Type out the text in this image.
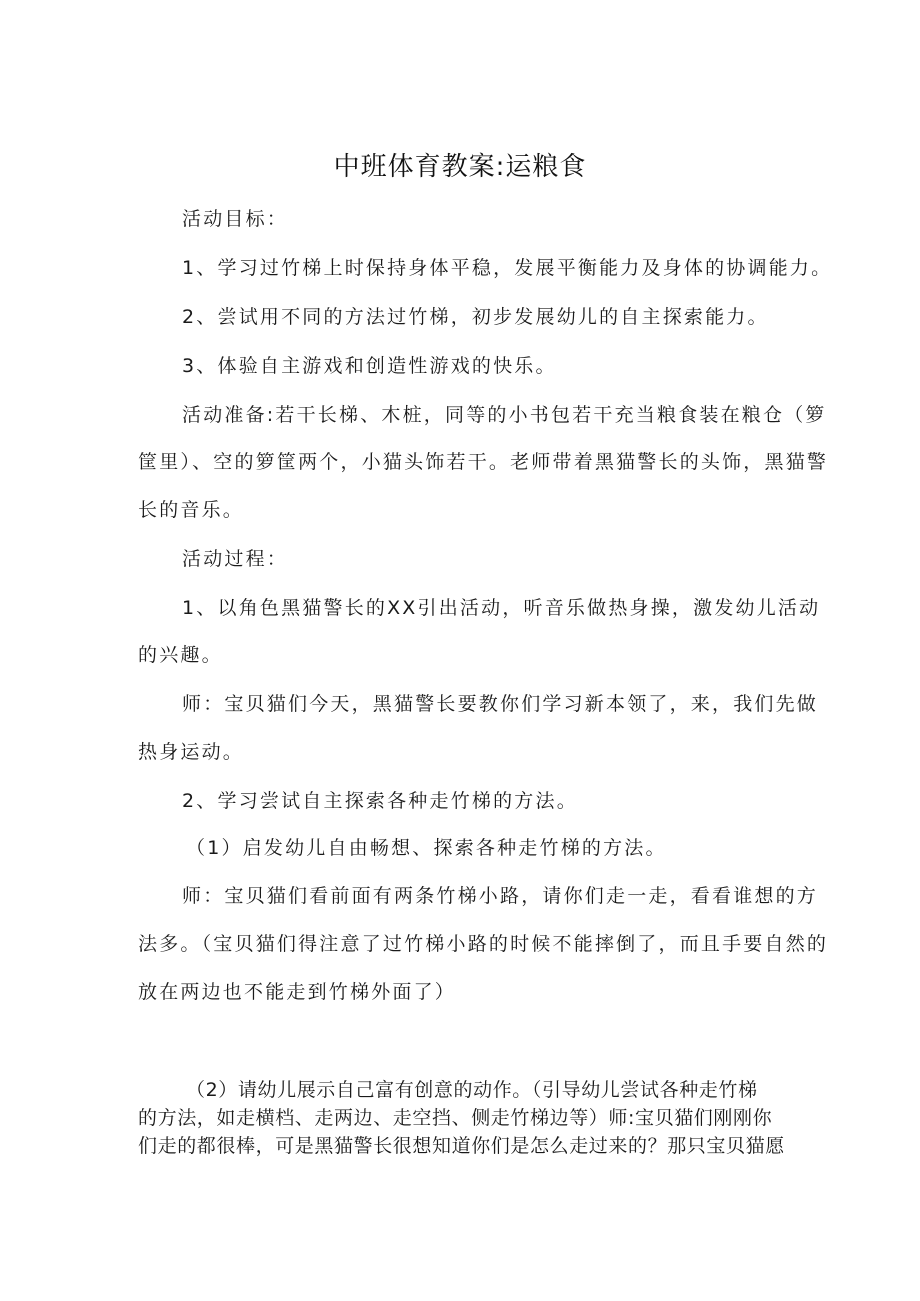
中班体育教案:运粮食
活动目标：
1、学习过竹梯上时保持身体平稳，发展平衡能力及身体的协调能力。
2、尝试用不同的方法过竹梯，初步发展幼儿的自主探索能力。
3、体验自主游戏和创造性游戏的快乐。
活动准备:若干长梯、木桩，同等的小书包若干充当粮食装在粮仓（箩
筐里）、空的箩筐两个，小猫头饰若干。老师带着黑猫警长的头饰，黑猫警
长的音乐。
活动过程：
1、以角色黑猫警长的XX引出活动，听音乐做热身操，激发幼儿活动
的兴趣。
师：宝贝猫们今天，黑猫警长要教你们学习新本领了，来，我们先做
热身运动。
2、学习尝试自主探索各种走竹梯的方法。
（1）启发幼儿自由畅想、探索各种走竹梯的方法。
师：宝贝猫们看前面有两条竹梯小路，请你们走一走，看看谁想的方
法多。（宝贝猫们得注意了过竹梯小路的时候不能摔倒了，而且手要自然的
放在两边也不能走到竹梯外面了）
（2）请幼儿展示自己富有创意的动作。（引导幼儿尝试各种走竹梯
的方法，如走横档、走两边、走空挡、侧走竹梯边等）师:宝贝猫们刚刚你
们走的都很棒，可是黑猫警长很想知道你们是怎么走过来的？那只宝贝猫愿
